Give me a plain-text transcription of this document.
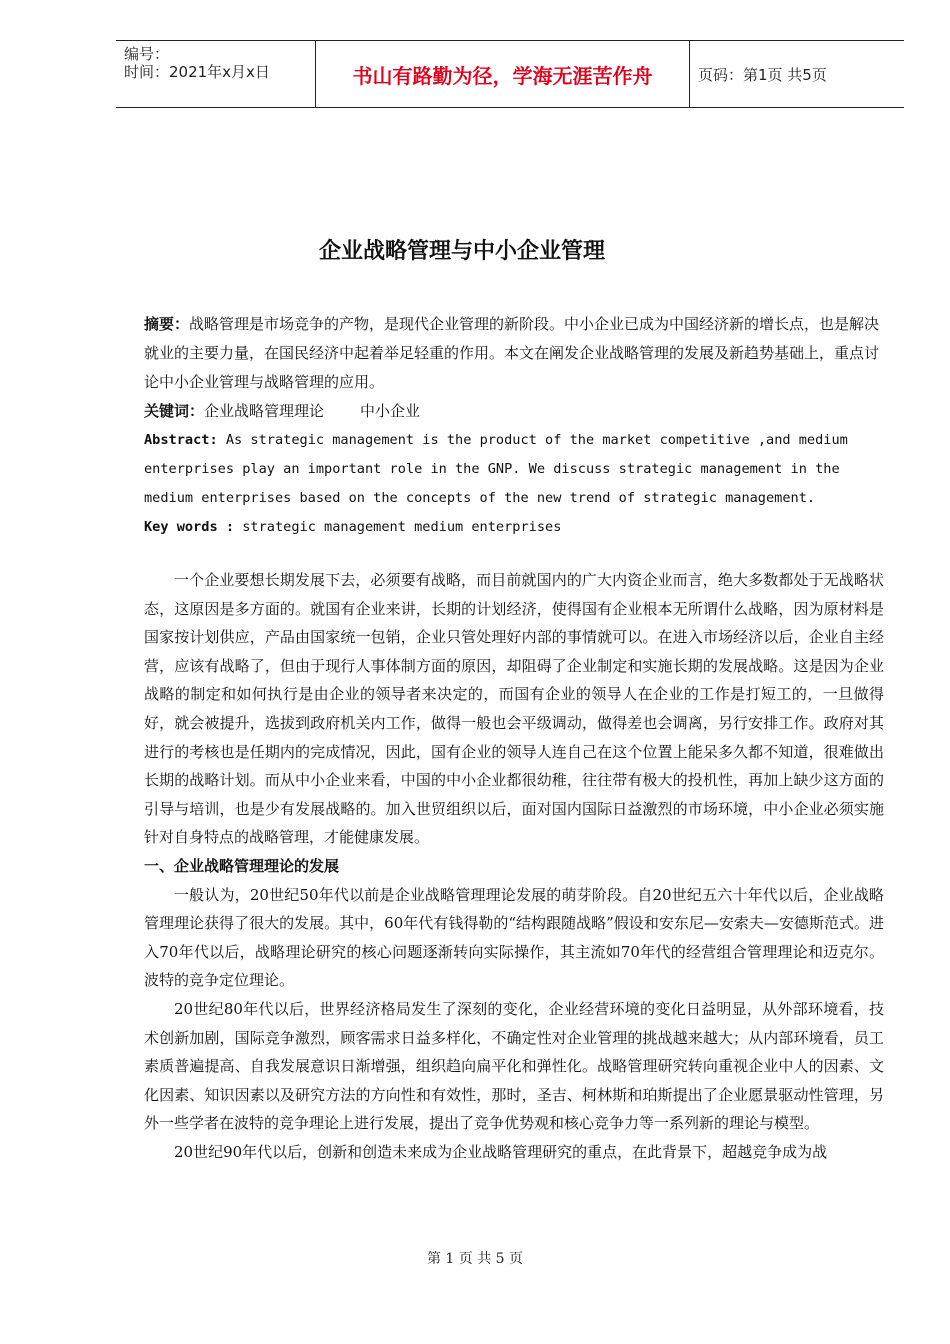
编号：
时间：2021年x月x日	书山有路勤为径，学海无涯苦作舟	页码：第1页 共5页
企业战略管理与中小企业管理

摘要：战略管理是市场竞争的产物，是现代企业管理的新阶段。中小企业已成为中国经济新的增长点，也是解决就业的主要力量，在国民经济中起着举足轻重的作用。本文在阐发企业战略管理的发展及新趋势基础上，重点讨论中小企业管理与战略管理的应用。

关键词：企业战略管理理论 中小企业

Abstract: As strategic management is the product of the market competitive ,and medium
enterprises play an important role in the GNP. We discuss strategic management in the
medium enterprises based on the concepts of the new trend of strategic management.

Key words : strategic management medium enterprises

一个企业要想长期发展下去，必须要有战略，而目前就国内的广大内资企业而言，绝大多数都处于无战略状态，这原因是多方面的。就国有企业来讲，长期的计划经济，使得国有企业根本无所谓什么战略，因为原材料是国家按计划供应，产品由国家统一包销，企业只管处理好内部的事情就可以。在进入市场经济以后，企业自主经营，应该有战略了，但由于现行人事体制方面的原因，却阻碍了企业制定和实施长期的发展战略。这是因为企业战略的制定和如何执行是由企业的领导者来决定的，而国有企业的领导人在企业的工作是打短工的，一旦做得好，就会被提升，选拔到政府机关内工作，做得一般也会平级调动，做得差也会调离，另行安排工作。政府对其进行的考核也是任期内的完成情况，因此，国有企业的领导人连自己在这个位置上能呆多久都不知道，很难做出长期的战略计划。而从中小企业来看，中国的中小企业都很幼稚，往往带有极大的投机性，再加上缺少这方面的引导与培训，也是少有发展战略的。加入世贸组织以后，面对国内国际日益激烈的市场环境，中小企业必须实施针对自身特点的战略管理，才能健康发展。

一、企业战略管理理论的发展

一般认为，20世纪50年代以前是企业战略管理理论发展的萌芽阶段。自20世纪五六十年代以后，企业战略管理理论获得了很大的发展。其中，60年代有钱得勒的“结构跟随战略”假设和安东尼—安索夫—安德斯范式。进入70年代以后，战略理论研究的核心问题逐渐转向实际操作，其主流如70年代的经营组合管理理论和迈克尔。波特的竞争定位理论。

20世纪80年代以后，世界经济格局发生了深刻的变化，企业经营环境的变化日益明显，从外部环境看，技术创新加剧，国际竞争激烈，顾客需求日益多样化，不确定性对企业管理的挑战越来越大；从内部环境看，员工素质普遍提高、自我发展意识日渐增强，组织趋向扁平化和弹性化。战略管理研究转向重视企业中人的因素、文化因素、知识因素以及研究方法的方向性和有效性，那时，圣吉、柯林斯和珀斯提出了企业愿景驱动性管理，另外一些学者在波特的竞争理论上进行发展，提出了竞争优势观和核心竞争力等一系列新的理论与模型。

20世纪90年代以后，创新和创造未来成为企业战略管理研究的重点，在此背景下，超越竞争成为战

第 1 页 共 5 页
